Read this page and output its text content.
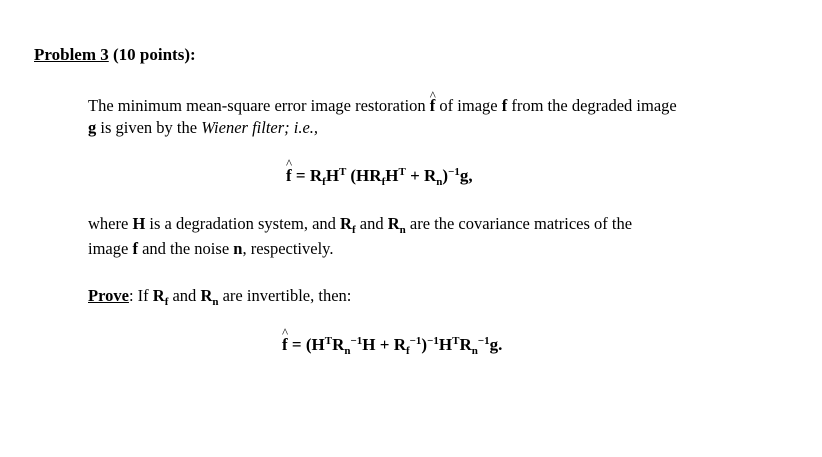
Problem 3 (10 points):
The minimum mean-square error image restoration ^ f of image f from the degraded image
g is given by the Wiener filter; i.e.,
^ $f = R_fH^T$ $(HR_fH^T + R_n)^{-1}g$,
where H is a degradation system, and $R_f$ and $R_n$ are the covariance matrices of the
image f and the noise n, respectively.
Prove: If $R_f$ and $R_n$ are invertible, then:
^ $f = (H^TR_n^{-1}H + R_f^{-1})^{-1}H^TR_n^{-1}g$.
